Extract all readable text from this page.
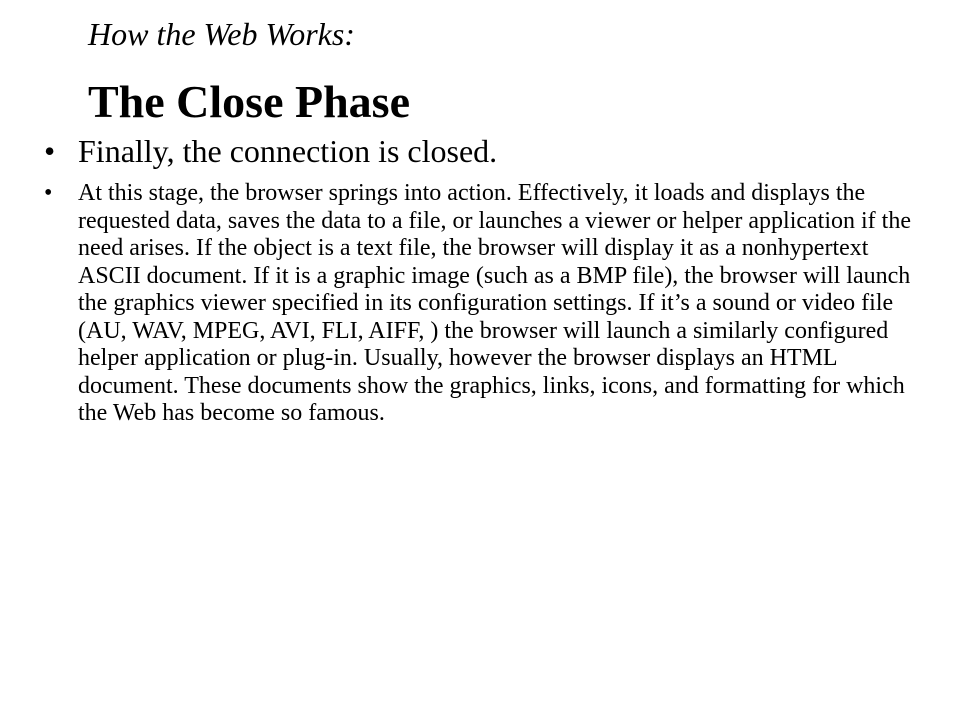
How the Web Works:
The Close Phase
• Finally, the connection is closed.
• At this stage, the browser springs into action. Effectively, it loads and displays the requested data, saves the data to a file, or launches a viewer or helper application if the need arises. If the object is a text file, the browser will display it as a nonhypertext ASCII document. If it is a graphic image (such as a BMP file), the browser will launch the graphics viewer specified in its configuration settings. If it’s a sound or video file (AU, WAV, MPEG, AVI, FLI, AIFF, ) the browser will launch a similarly configured helper application or plug-in. Usually, however the browser displays an HTML document. These documents show the graphics, links, icons, and formatting for which the Web has become so famous.
